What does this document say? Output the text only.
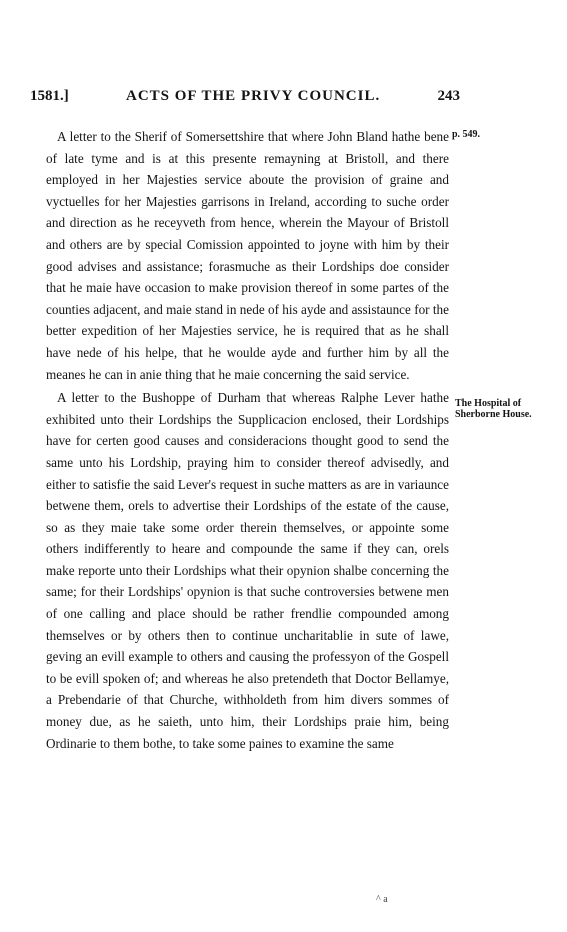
1581.]	ACTS OF THE PRIVY COUNCIL.	243
p. 549.
The Hospital of Sherborne House.

A letter to the Sherif of Somersettshire that where John Bland hathe bene of late tyme and is at this presente remayning at Bristoll, and there employed in her Majesties service aboute the provision of graine and vyctuelles for her Majesties garrisons in Ireland, according to suche order and direction as he receyveth from hence, wherein the Mayour of Bristoll and others are by special Comission appointed to joyne with him by their good advises and assistance; forasmuche as their Lordships doe consider that he maie have occasion to make provision thereof in some partes of the counties adjacent, and maie stand in nede of his ayde and assistaunce for the better expedition of her Majesties service, he is required that as he shall have nede of his helpe, that he woulde ayde and further him by all the meanes he can in anie thing that he maie concerning the said service.

A letter to the Bushoppe of Durham that whereas Ralphe Lever hathe exhibited unto their Lordships the Supplicacion enclosed, their Lordships have for certen good causes and consideracions thought good to send the same unto his Lordship, praying him to consider thereof advisedly, and either to satisfie the said Lever's request in suche matters as are in variaunce betwene them, orels to advertise their Lordships of the estate of the cause, so as they maie take some order therein themselves, or appointe some others indifferently to heare and compounde the same if they can, orels make reporte unto their Lordships what their opynion shalbe concerning the same; for their Lordships' opynion is that suche controversies betwene men of one calling and place should be rather frendlie compounded among themselves or by others then to continue uncharitablie in sute of lawe, geving an evill example to others and causing the professyon of the Gospell to be evill spoken of; and whereas he also pretendeth that Doctor Bellamye, a Prebendarie of that Churche, withholdeth from him divers sommes of money due, as he saieth, unto him, their Lordships praie him, being Ordinarie to them bothe, to take some paines to examine the same

^ a
